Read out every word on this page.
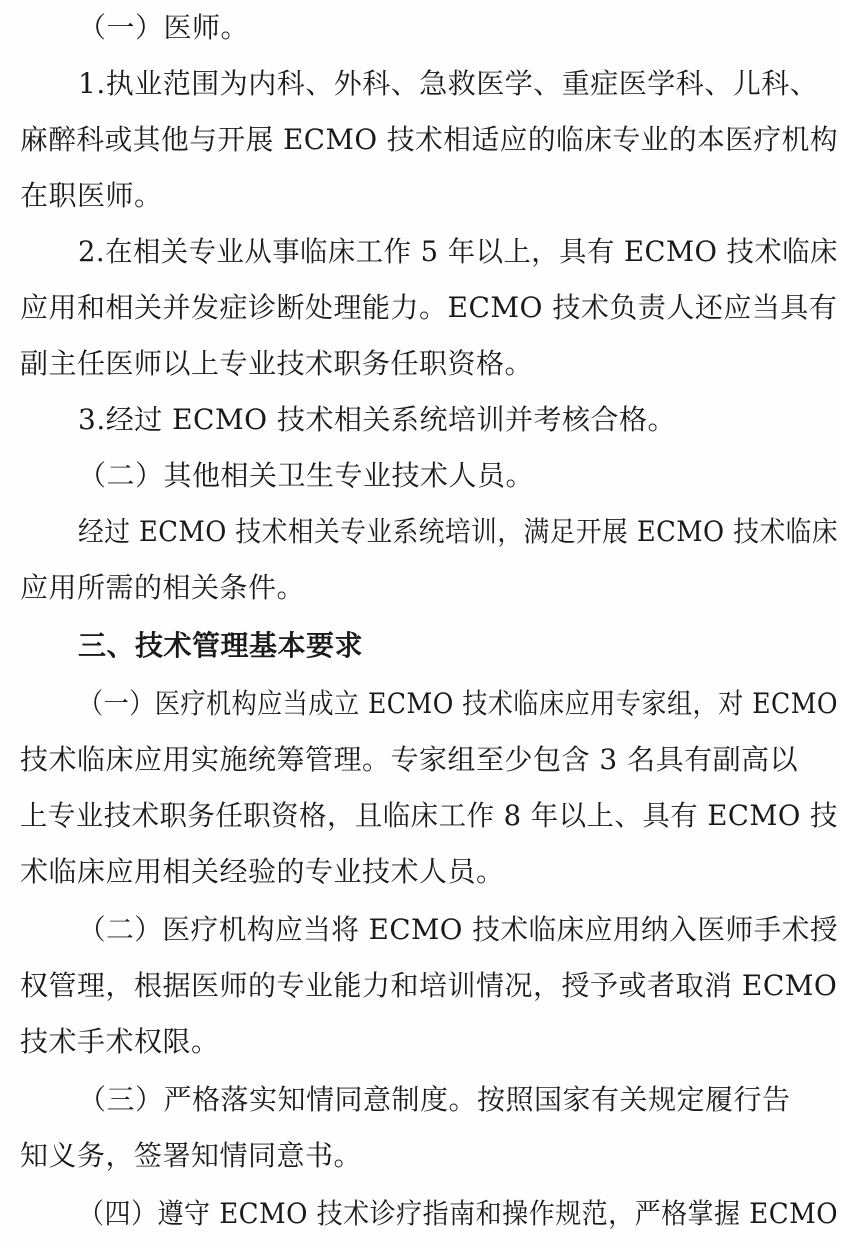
（一）医师。
1.执业范围为内科、外科、急救医学、重症医学科、儿科、
麻醉科或其他与开展 ECMO 技术相适应的临床专业的本医疗机构
在职医师。
2.在相关专业从事临床工作 5 年以上，具有 ECMO 技术临床
应用和相关并发症诊断处理能力。ECMO 技术负责人还应当具有
副主任医师以上专业技术职务任职资格。
3.经过 ECMO 技术相关系统培训并考核合格。
（二）其他相关卫生专业技术人员。
经过 ECMO 技术相关专业系统培训，满足开展 ECMO 技术临床
应用所需的相关条件。
三、技术管理基本要求
（一）医疗机构应当成立 ECMO 技术临床应用专家组，对 ECMO
技术临床应用实施统筹管理。专家组至少包含 3 名具有副高以
上专业技术职务任职资格，且临床工作 8 年以上、具有 ECMO 技
术临床应用相关经验的专业技术人员。
（二）医疗机构应当将 ECMO 技术临床应用纳入医师手术授
权管理，根据医师的专业能力和培训情况，授予或者取消 ECMO
技术手术权限。
（三）严格落实知情同意制度。按照国家有关规定履行告
知义务，签署知情同意书。
（四）遵守 ECMO 技术诊疗指南和操作规范，严格掌握 ECMO
